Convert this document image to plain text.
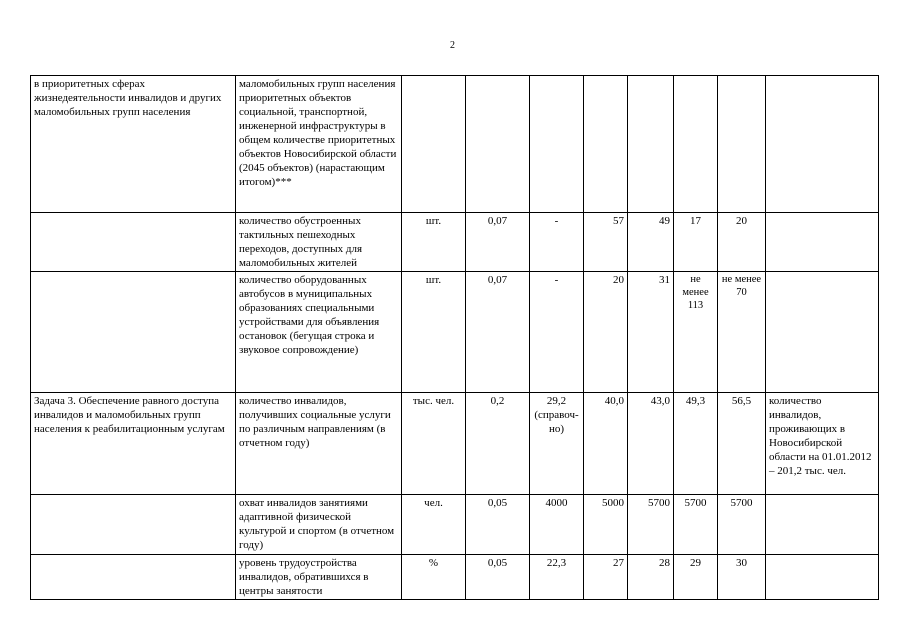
2
в приоритетных сферах жизнедеятельности инвалидов и других маломобильных групп населения	маломобильных групп населения приоритетных объектов социальной, транспортной, инженерной инфраструктуры в общем количестве приоритетных объектов Новосибирской области (2045 объектов) (нарастающим итогом)***								
	количество обустроенных тактильных пешеходных переходов, доступных для маломобильных жителей	шт.	0,07	-	57	49	17	20	
	количество оборудованных автобусов в муниципальных образованиях специальными устройствами для объявления остановок (бегущая строка и звуковое сопровождение)	шт.	0,07	-	20	31	не менее 113	не менее 70	
Задача 3. Обеспечение равного доступа инвалидов и маломобильных групп населения к реабилитационным услугам	количество инвалидов, получивших социальные услуги по различным направлениям (в отчетном году)	тыс. чел.	0,2	29,2 (справоч-но)	40,0	43,0	49,3	56,5	количество инвалидов, проживающих в Новосибирской области на 01.01.2012 – 201,2 тыс. чел.
	охват инвалидов занятиями адаптивной физической культурой и спортом (в отчетном году)	чел.	0,05	4000	5000	5700	5700	5700	
	уровень трудоустройства инвалидов, обратившихся в центры занятости	%	0,05	22,3	27	28	29	30	
